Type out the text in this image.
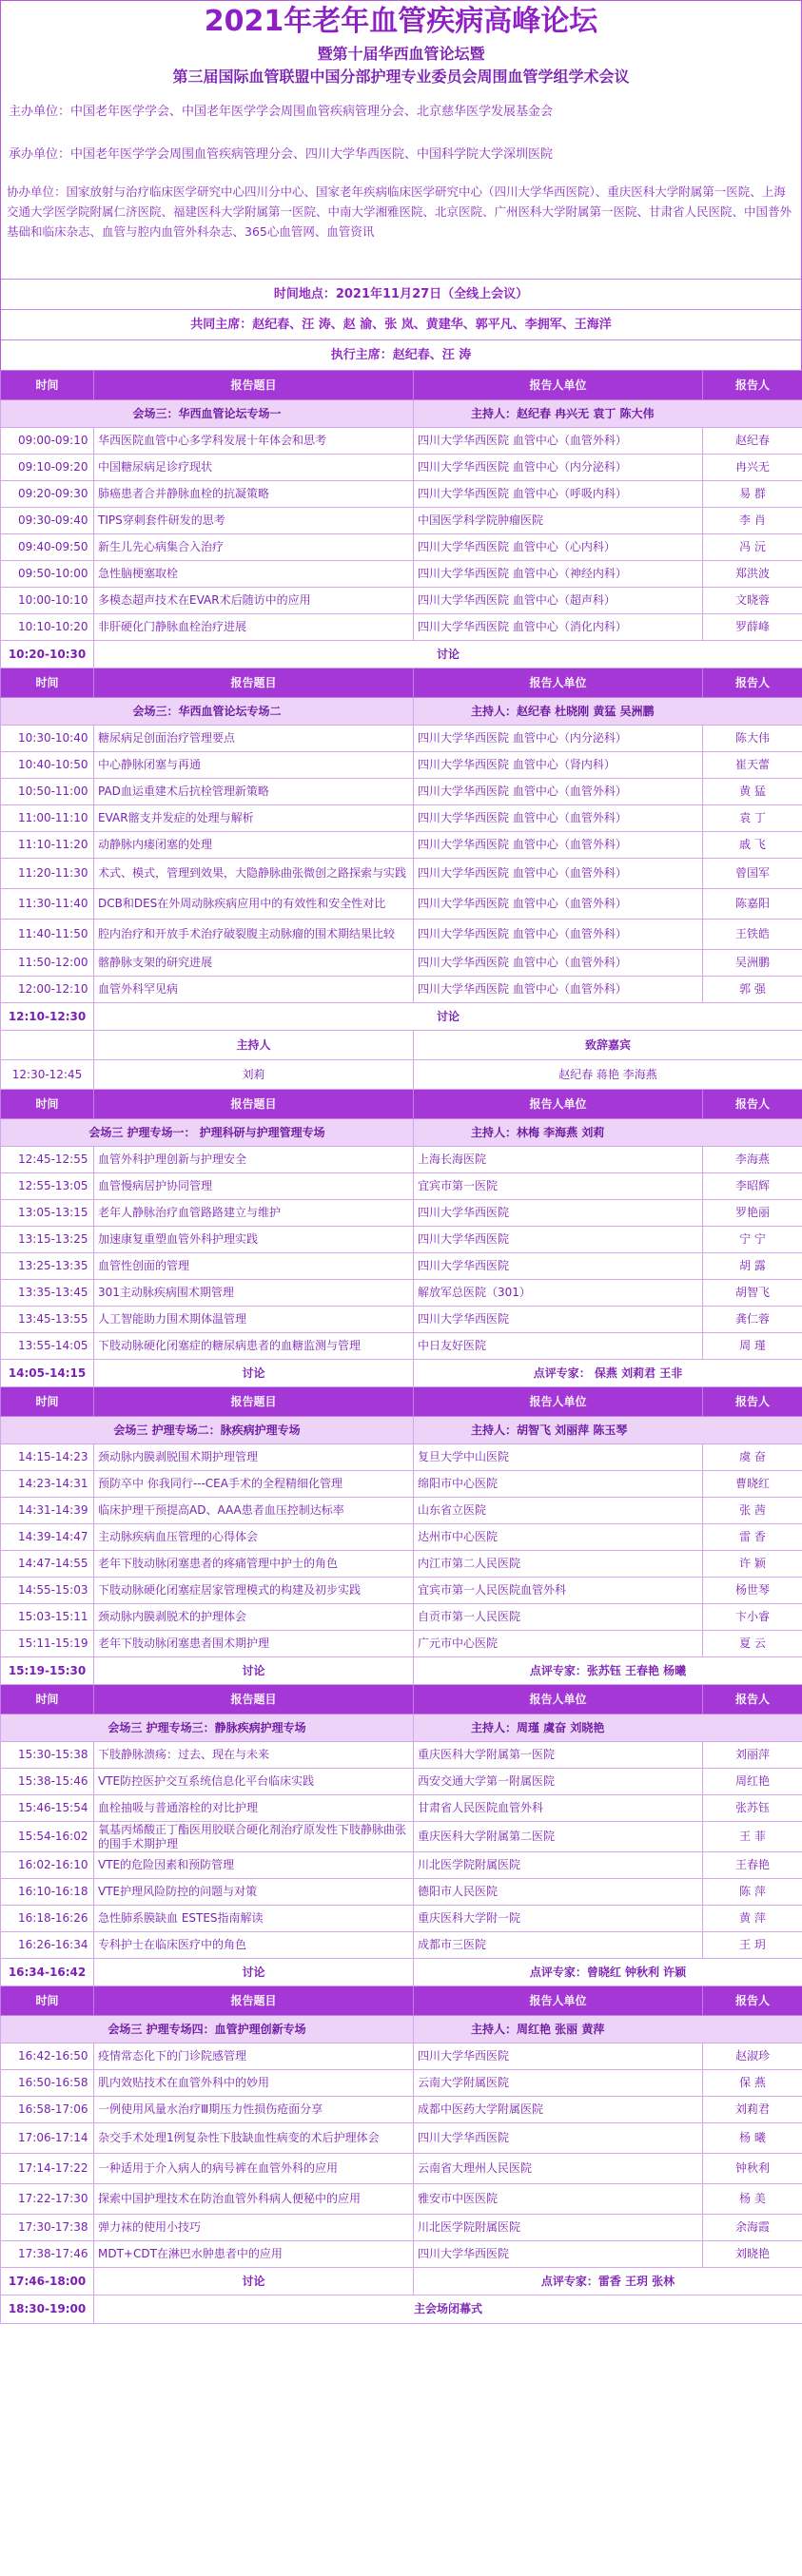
2021年老年血管疾病高峰论坛
暨第十届华西血管论坛暨
第三届国际血管联盟中国分部护理专业委员会周围血管学组学术会议
主办单位：中国老年医学学会、中国老年医学学会周围血管疾病管理分会、北京慈华医学发展基金会
承办单位：中国老年医学学会周围血管疾病管理分会、四川大学华西医院、中国科学院大学深圳医院
协办单位：国家放射与治疗临床医学研究中心四川分中心、国家老年疾病临床医学研究中心（四川大学华西医院）、重庆医科大学附属第一医院、上海交通大学医学院附属仁济医院、福建医科大学附属第一医院、中南大学湘雅医院、北京医院、广州医科大学附属第一医院、甘肃省人民医院、中国普外基础和临床杂志、血管与腔内血管外科杂志、365心血管网、血管资讯
时间地点：2021年11月27日（全线上会议）
共同主席：赵纪春、汪 涛、赵 渝、张 岚、黄建华、郭平凡、李拥军、王海洋
执行主席：赵纪春、汪 涛
时间	报告题目	报告人单位	报告人
会场三：华西血管论坛专场一		主持人：赵纪春 冉兴无 袁丁 陈大伟	
09:00-09:10	华西医院血管中心多学科发展十年体会和思考	四川大学华西医院 血管中心（血管外科）	赵纪春
09:10-09:20	中国糖尿病足诊疗现状	四川大学华西医院 血管中心（内分泌科）	冉兴无
09:20-09:30	肺癌患者合并静脉血栓的抗凝策略	四川大学华西医院 血管中心（呼吸内科）	易 群
09:30-09:40	TIPS穿刺套件研发的思考	中国医学科学院肿瘤医院	李 肖
09:40-09:50	新生儿先心病集合入治疗	四川大学华西医院 血管中心（心内科）	冯 沅
09:50-10:00	急性脑梗塞取栓	四川大学华西医院 血管中心（神经内科）	郑洪波
10:00-10:10	多模态超声技术在EVAR术后随访中的应用	四川大学华西医院 血管中心（超声科）	文晓蓉
10:10-10:20	非肝硬化门静脉血栓治疗进展	四川大学华西医院 血管中心（消化内科）	罗薛峰
10:20-10:30	讨论		
时间	报告题目	报告人单位	报告人
会场三：华西血管论坛专场二		主持人：赵纪春 杜晓刚 黄猛 吴洲鹏	
10:30-10:40	糖尿病足创面治疗管理要点	四川大学华西医院 血管中心（内分泌科）	陈大伟
10:40-10:50	中心静脉闭塞与再通	四川大学华西医院 血管中心（肾内科）	崔天蕾
10:50-11:00	PAD血运重建术后抗栓管理新策略	四川大学华西医院 血管中心（血管外科）	黄 猛
11:00-11:10	EVAR髂支并发症的处理与解析	四川大学华西医院 血管中心（血管外科）	袁 丁
11:10-11:20	动静脉内瘘闭塞的处理	四川大学华西医院 血管中心（血管外科）	戚 飞
11:20-11:30	术式、模式，管理到效果，大隐静脉曲张微创之路探索与实践	四川大学华西医院 血管中心（血管外科）	曾国军
11:30-11:40	DCB和DES在外周动脉疾病应用中的有效性和安全性对比	四川大学华西医院 血管中心（血管外科）	陈嘉阳
11:40-11:50	腔内治疗和开放手术治疗破裂腹主动脉瘤的围术期结果比较	四川大学华西医院 血管中心（血管外科）	王铁皓
11:50-12:00	髂静脉支架的研究进展	四川大学华西医院 血管中心（血管外科）	吴洲鹏
12:00-12:10	血管外科罕见病	四川大学华西医院 血管中心（血管外科）	郭 强
12:10-12:30	讨论		
	主持人	致辞嘉宾	
12:30-12:45	刘莉	赵纪春 蒋艳 李海燕	
时间	报告题目	报告人单位	报告人
会场三 护理专场一： 护理科研与护理管理专场		主持人：林梅 李海燕 刘莉	
12:45-12:55	血管外科护理创新与护理安全	上海长海医院	李海燕
12:55-13:05	血管慢病居护协同管理	宜宾市第一医院	李昭辉
13:05-13:15	老年人静脉治疗血管路路建立与维护	四川大学华西医院	罗艳丽
13:15-13:25	加速康复重塑血管外科护理实践	四川大学华西医院	宁 宁
13:25-13:35	血管性创面的管理	四川大学华西医院	胡 露
13:35-13:45	301主动脉疾病围术期管理	解放军总医院（301）	胡智飞
13:45-13:55	人工智能助力围术期体温管理	四川大学华西医院	龚仁蓉
13:55-14:05	下肢动脉硬化闭塞症的糖尿病患者的血糖监测与管理	中日友好医院	周 瑾
14:05-14:15	讨论	点评专家： 保燕 刘莉君 王非	
时间	报告题目	报告人单位	报告人
会场三 护理专场二：脉疾病护理专场		主持人：胡智飞 刘丽萍 陈玉琴	
14:15-14:23	颈动脉内膜剥脱围术期护理管理	复旦大学中山医院	虞 奋
14:23-14:31	预防卒中 你我同行---CEA手术的全程精细化管理	绵阳市中心医院	曹晓红
14:31-14:39	临床护理干预提高AD、AAA患者血压控制达标率	山东省立医院	张 茜
14:39-14:47	主动脉疾病血压管理的心得体会	达州市中心医院	雷 香
14:47-14:55	老年下肢动脉闭塞患者的疼痛管理中护士的角色	内江市第二人民医院	许 颖
14:55-15:03	下肢动脉硬化闭塞症居家管理模式的构建及初步实践	宜宾市第一人民医院血管外科	杨世琴
15:03-15:11	颈动脉内膜剥脱术的护理体会	自贡市第一人民医院	卞小睿
15:11-15:19	老年下肢动脉闭塞患者围术期护理	广元市中心医院	夏 云
15:19-15:30	讨论	点评专家：张苏钰 王春艳 杨曦	
时间	报告题目	报告人单位	报告人
会场三 护理专场三：静脉疾病护理专场		主持人：周瑾 虞奋 刘晓艳	
15:30-15:38	下肢静脉溃疡：过去、现在与未来	重庆医科大学附属第一医院	刘丽萍
15:38-15:46	VTE防控医护交互系统信息化平台临床实践	西安交通大学第一附属医院	周红艳
15:46-15:54	血栓抽吸与普通溶栓的对比护理	甘肃省人民医院血管外科	张苏钰
15:54-16:02	氧基丙烯酸正丁酯医用胶联合硬化剂治疗原发性下肢静脉曲张的围手术期护理	重庆医科大学附属第二医院	王 菲
16:02-16:10	VTE的危险因素和预防管理	川北医学院附属医院	王春艳
16:10-16:18	VTE护理风险防控的问题与对策	德阳市人民医院	陈 萍
16:18-16:26	急性肺系膜缺血 ESTES指南解读	重庆医科大学附一院	黄 萍
16:26-16:34	专科护士在临床医疗中的角色	成都市三医院	王 玥
16:34-16:42	讨论	点评专家：曾晓红 钟秋利 许颖	
时间	报告题目	报告人单位	报告人
会场三 护理专场四：血管护理创新专场		主持人：周红艳 张丽 黄萍	
16:42-16:50	疫情常态化下的门诊院感管理	四川大学华西医院	赵淑珍
16:50-16:58	肌内效贴技术在血管外科中的妙用	云南大学附属医院	保 燕
16:58-17:06	一例使用风量水治疗Ⅲ期压力性损伤疮面分享	成都中医药大学附属医院	刘莉君
17:06-17:14	杂交手术处理1例复杂性下肢缺血性病变的术后护理体会	四川大学华西医院	杨 曦
17:14-17:22	一种适用于介入病人的病号裤在血管外科的应用	云南省大理州人民医院	钟秋利
17:22-17:30	探索中国护理技术在防治血管外科病人便秘中的应用	雅安市中医医院	杨 美
17:30-17:38	弹力袜的使用小技巧	川北医学院附属医院	余海霞
17:38-17:46	MDT+CDT在淋巴水肿患者中的应用	四川大学华西医院	刘晓艳
17:46-18:00	讨论	点评专家：雷香 王玥 张林	
18:30-19:00	主会场闭幕式		
